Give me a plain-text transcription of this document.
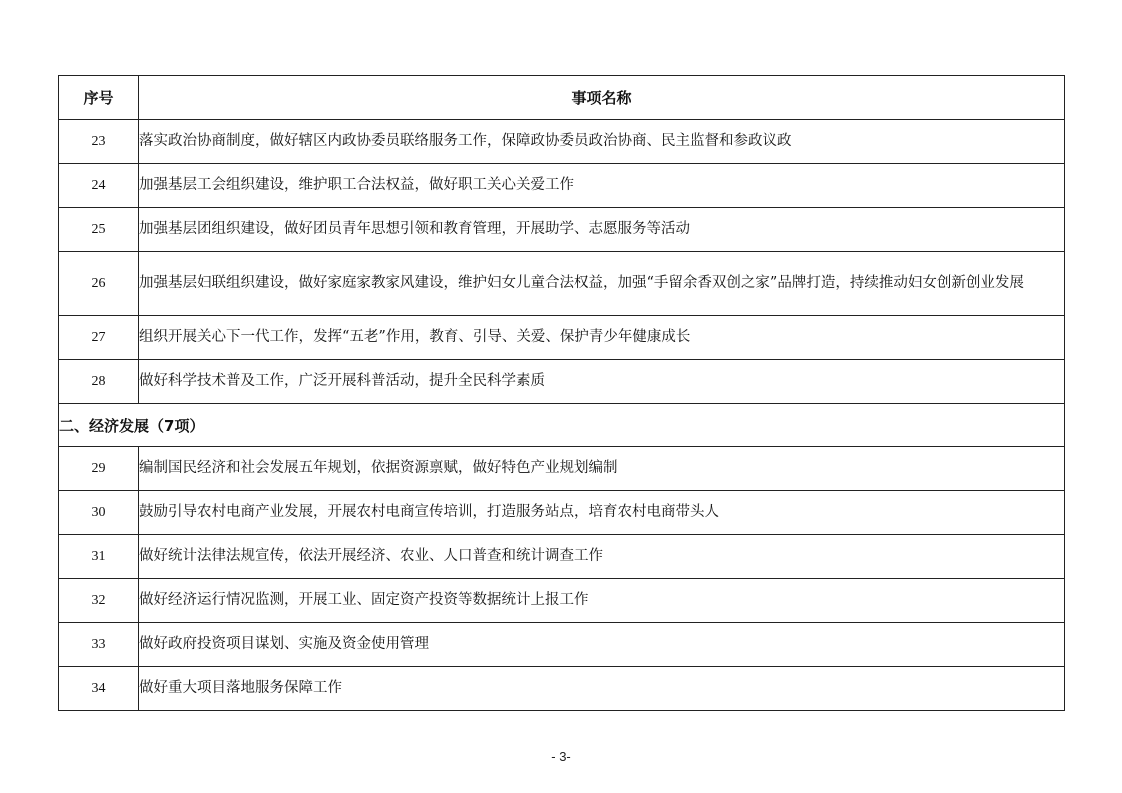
序号	事项名称
23	落实政治协商制度，做好辖区内政协委员联络服务工作，保障政协委员政治协商、民主监督和参政议政
24	加强基层工会组织建设，维护职工合法权益，做好职工关心关爱工作
25	加强基层团组织建设，做好团员青年思想引领和教育管理，开展助学、志愿服务等活动
26	加强基层妇联组织建设，做好家庭家教家风建设，维护妇女儿童合法权益，加强“手留余香双创之家”品牌打造，持续推动妇女创新创业发展
27	组织开展关心下一代工作，发挥“五老”作用，教育、引导、关爱、保护青少年健康成长
28	做好科学技术普及工作，广泛开展科普活动，提升全民科学素质
二、经济发展（7项）	
29	编制国民经济和社会发展五年规划，依据资源禀赋，做好特色产业规划编制
30	鼓励引导农村电商产业发展，开展农村电商宣传培训，打造服务站点，培育农村电商带头人
31	做好统计法律法规宣传，依法开展经济、农业、人口普查和统计调查工作
32	做好经济运行情况监测，开展工业、固定资产投资等数据统计上报工作
33	做好政府投资项目谋划、实施及资金使用管理
34	做好重大项目落地服务保障工作
- 3-
